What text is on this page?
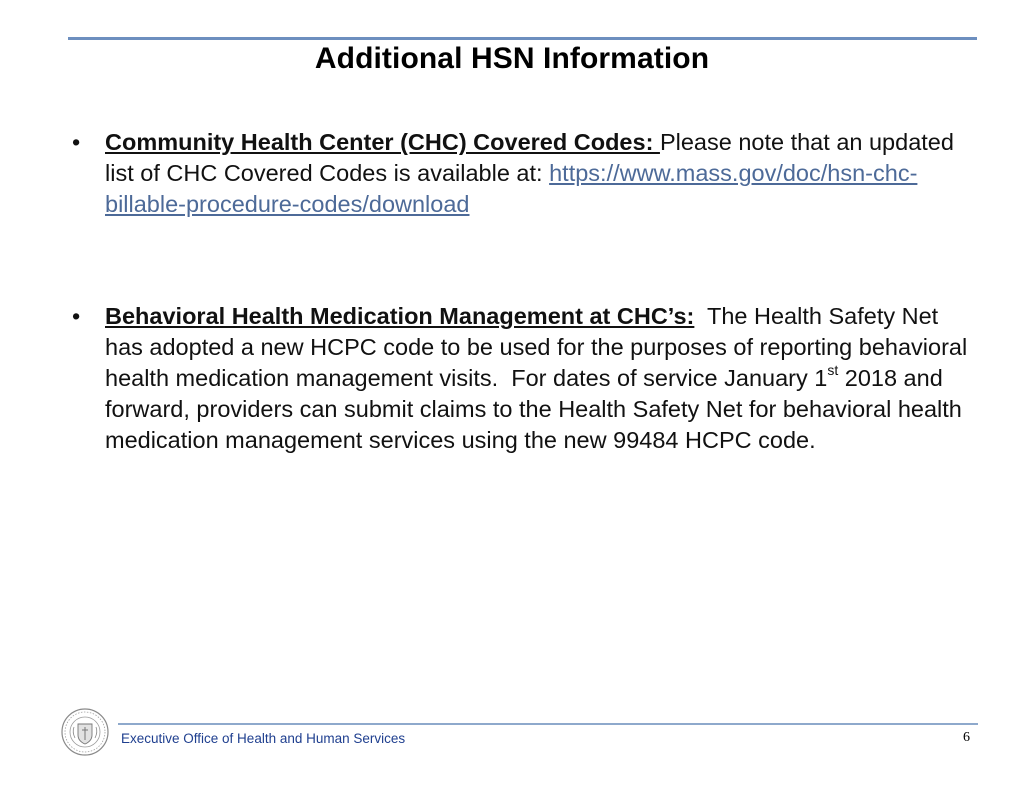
Additional HSN Information
• Community Health Center (CHC) Covered Codes: Please note that an updated list of CHC Covered Codes is available at: https://www.mass.gov/doc/hsn-chc-billable-procedure-codes/download
• Behavioral Health Medication Management at CHC’s:  The Health Safety Net has adopted a new HCPC code to be used for the purposes of reporting behavioral health medication management visits.  For dates of service January 1st 2018 and forward, providers can submit claims to the Health Safety Net for behavioral health medication management services using the new 99484 HCPC code.
Executive Office of Health and Human Services	6
